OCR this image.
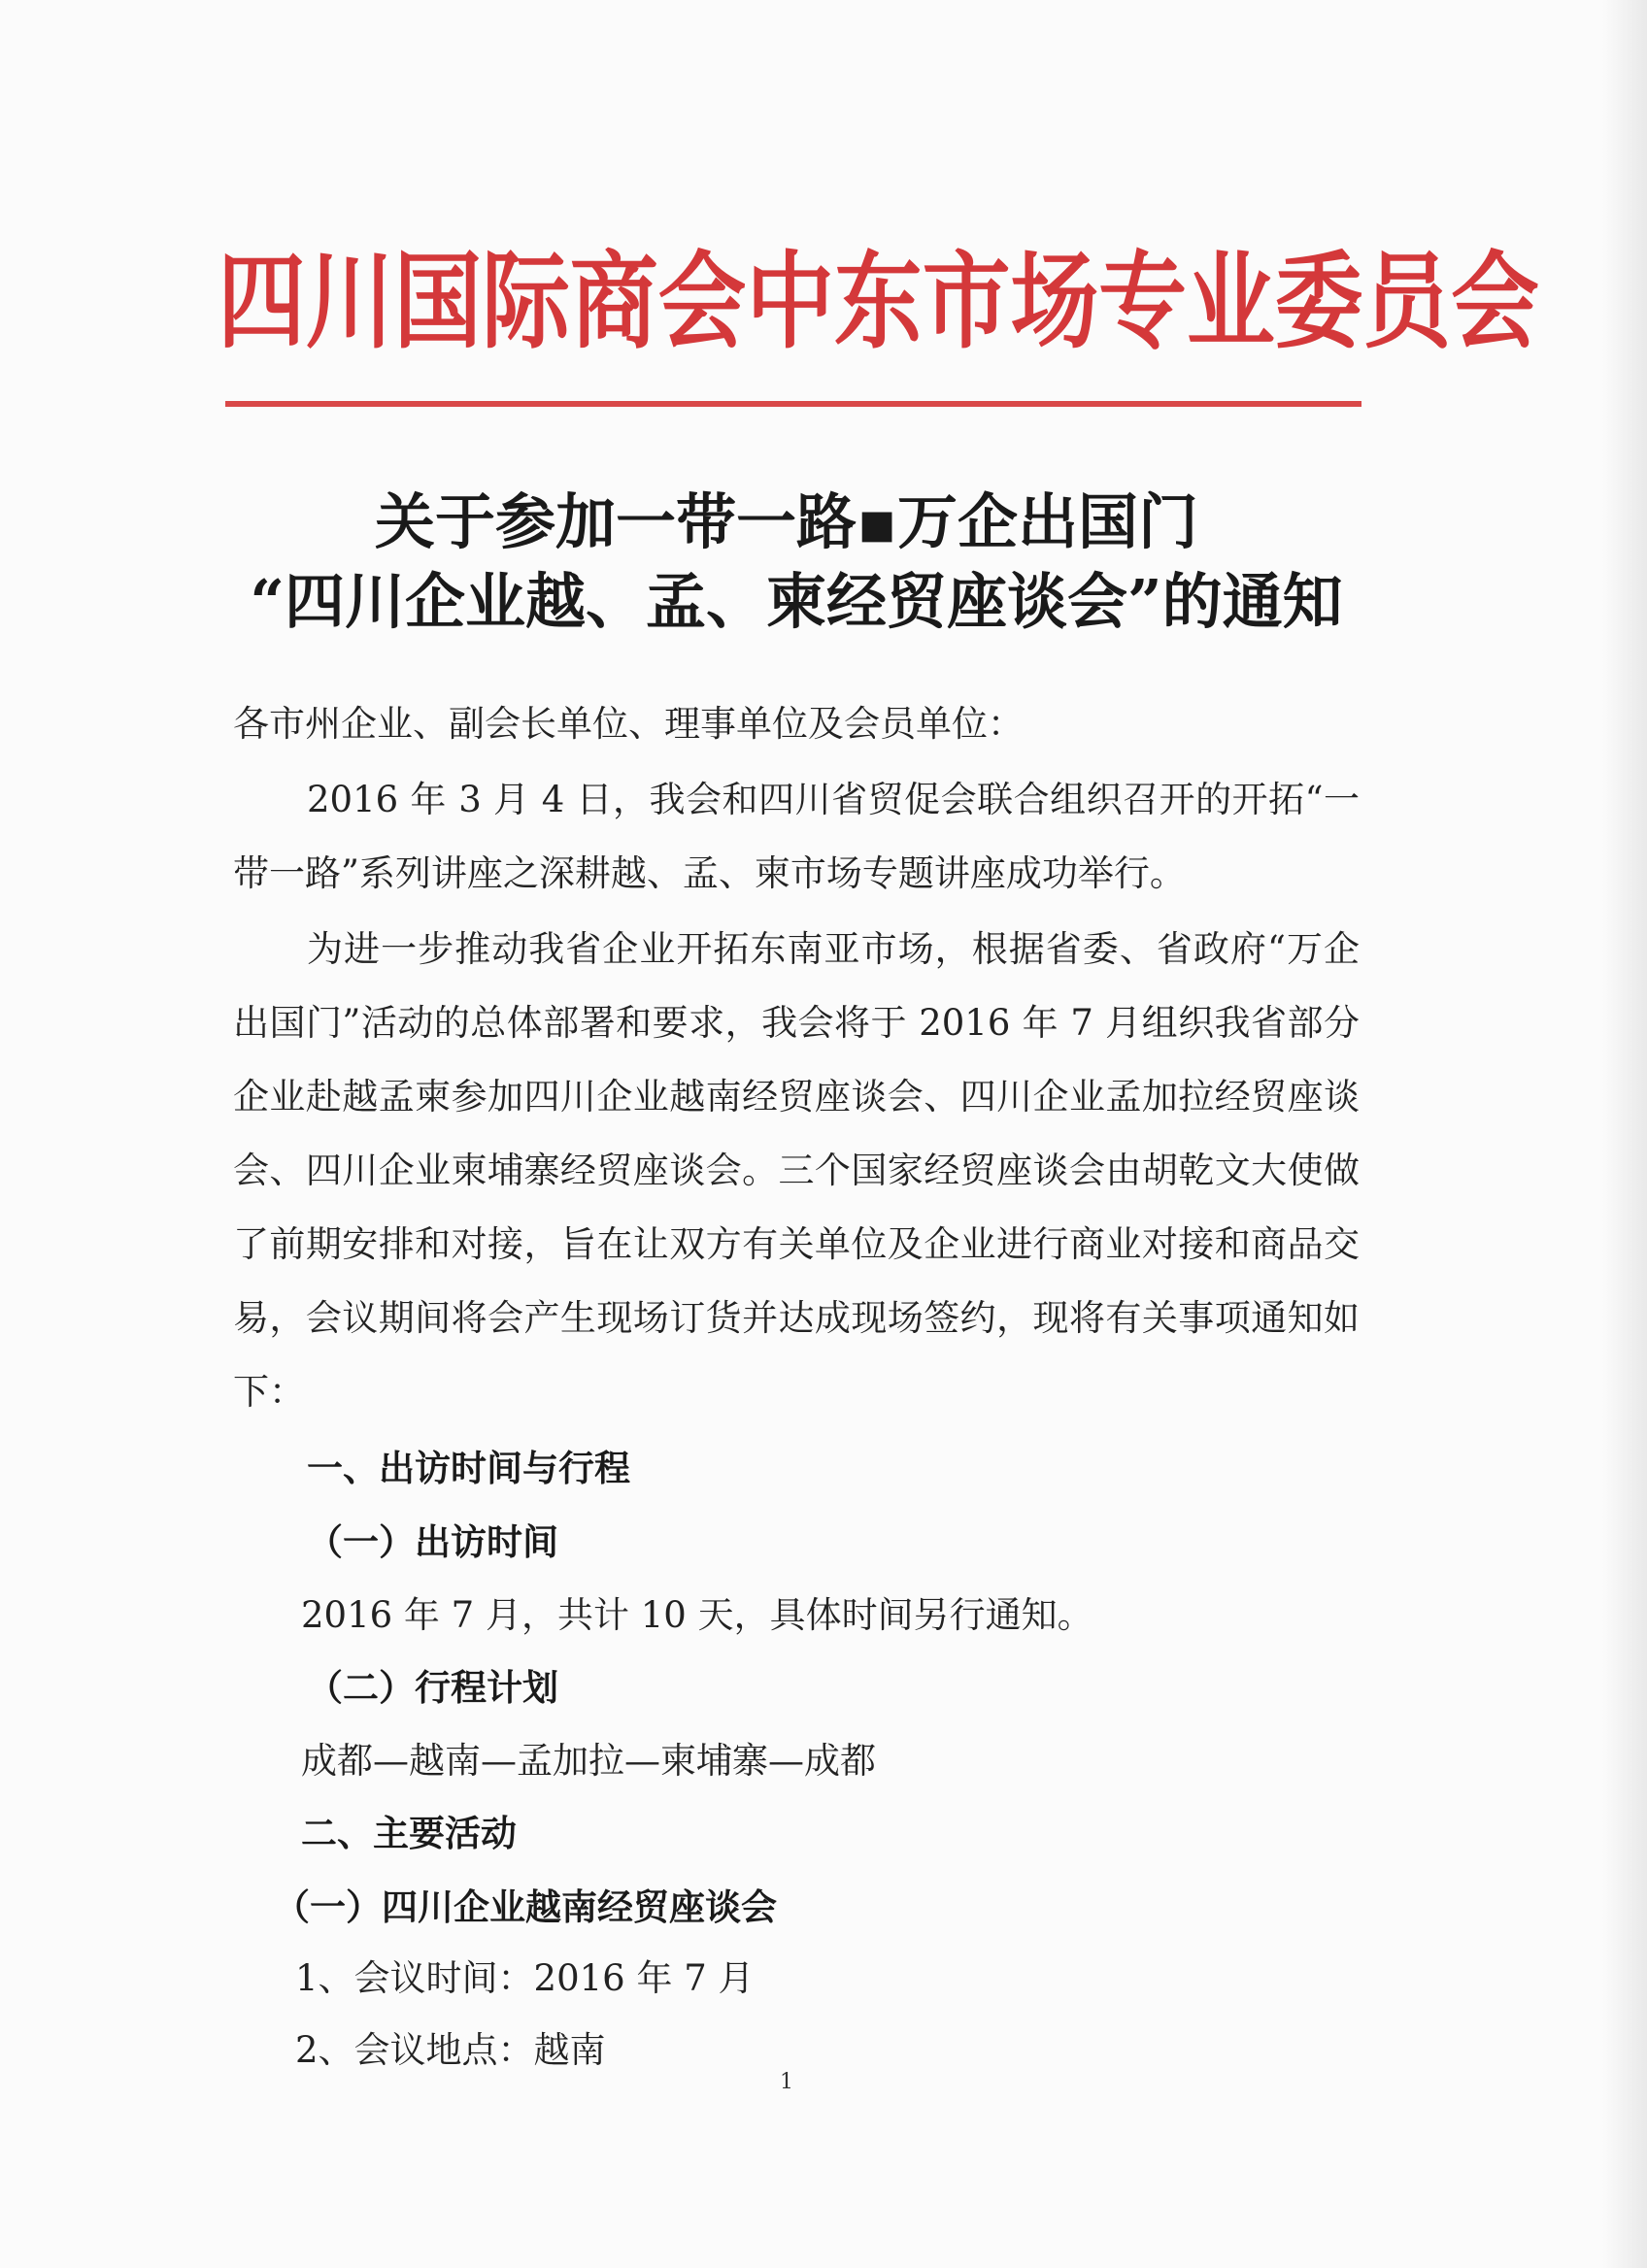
四川国际商会中东市场专业委员会
关于参加一带一路▪万企出国门
“四川企业越、孟、柬经贸座谈会”的通知

各市州企业、副会长单位、理事单位及会员单位：

2016 年 3 月 4 日，我会和四川省贸促会联合组织召开的开拓“一带一路”系列讲座之深耕越、孟、柬市场专题讲座成功举行。

为进一步推动我省企业开拓东南亚市场，根据省委、省政府“万企出国门”活动的总体部署和要求，我会将于 2016 年 7 月组织我省部分企业赴越孟柬参加四川企业越南经贸座谈会、四川企业孟加拉经贸座谈会、四川企业柬埔寨经贸座谈会。三个国家经贸座谈会由胡乾文大使做了前期安排和对接，旨在让双方有关单位及企业进行商业对接和商品交易，会议期间将会产生现场订货并达成现场签约，现将有关事项通知如下：

一、出访时间与行程

（一）出访时间

2016 年 7 月，共计 10 天，具体时间另行通知。

（二）行程计划

成都—越南—孟加拉—柬埔寨—成都

二、主要活动

（一）四川企业越南经贸座谈会

1、会议时间：2016 年 7 月

2、会议地点：越南

1
